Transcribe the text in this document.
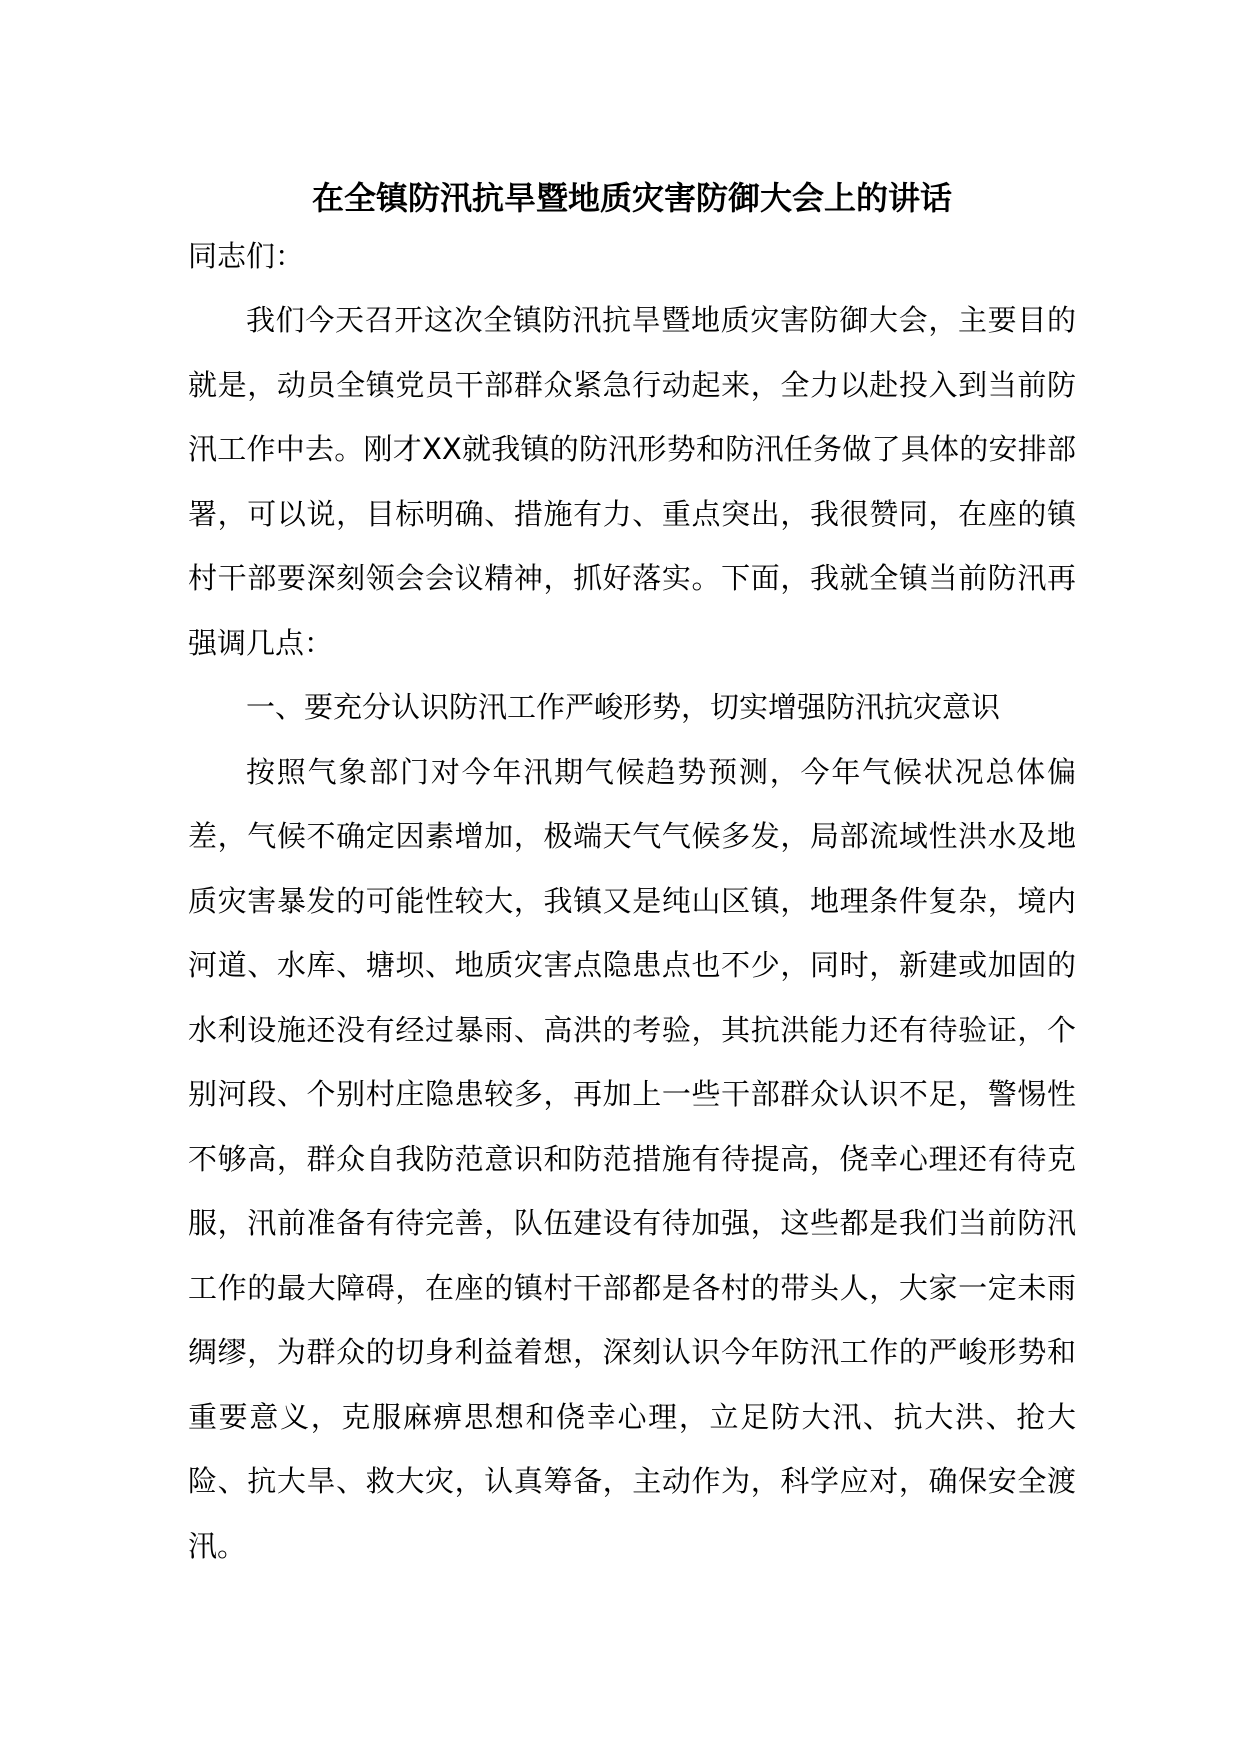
在全镇防汛抗旱暨地质灾害防御大会上的讲话

同志们：

我们今天召开这次全镇防汛抗旱暨地质灾害防御大会，主要目的就是，动员全镇党员干部群众紧急行动起来，全力以赴投入到当前防汛工作中去。刚才XX就我镇的防汛形势和防汛任务做了具体的安排部署，可以说，目标明确、措施有力、重点突出，我很赞同，在座的镇村干部要深刻领会会议精神，抓好落实。下面，我就全镇当前防汛再强调几点：

一、要充分认识防汛工作严峻形势，切实增强防汛抗灾意识

按照气象部门对今年汛期气候趋势预测，今年气候状况总体偏差，气候不确定因素增加，极端天气气候多发，局部流域性洪水及地质灾害暴发的可能性较大，我镇又是纯山区镇，地理条件复杂，境内河道、水库、塘坝、地质灾害点隐患点也不少，同时，新建或加固的水利设施还没有经过暴雨、高洪的考验，其抗洪能力还有待验证，个别河段、个别村庄隐患较多，再加上一些干部群众认识不足，警惕性不够高，群众自我防范意识和防范措施有待提高，侥幸心理还有待克服，汛前准备有待完善，队伍建设有待加强，这些都是我们当前防汛工作的最大障碍，在座的镇村干部都是各村的带头人，大家一定未雨绸缪，为群众的切身利益着想，深刻认识今年防汛工作的严峻形势和重要意义，克服麻痹思想和侥幸心理，立足防大汛、抗大洪、抢大险、抗大旱、救大灾，认真筹备，主动作为，科学应对，确保安全渡汛。
